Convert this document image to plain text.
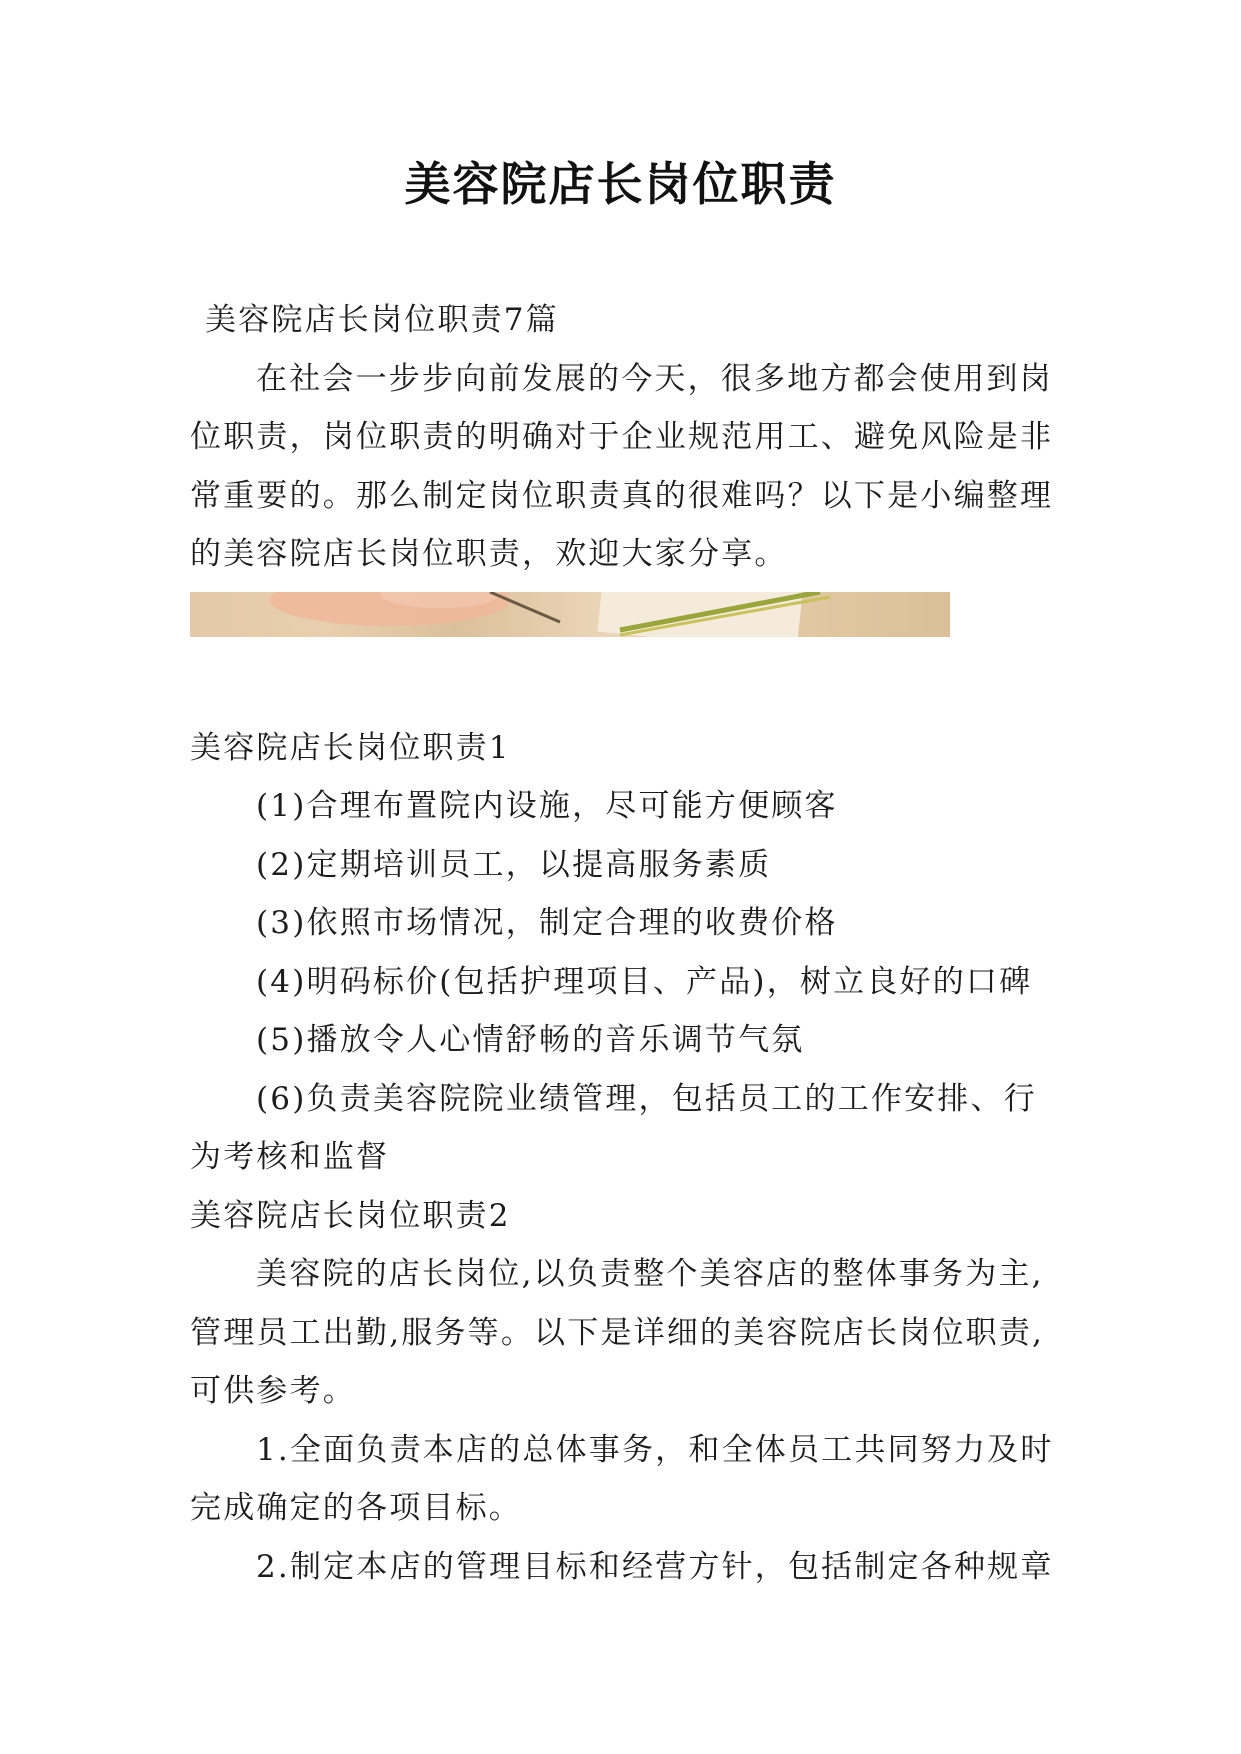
美容院店长岗位职责

美容院店长岗位职责7篇

在社会一步步向前发展的今天，很多地方都会使用到岗位职责，岗位职责的明确对于企业规范用工、避免风险是非常重要的。那么制定岗位职责真的很难吗？以下是小编整理的美容院店长岗位职责，欢迎大家分享。

美容院店长岗位职责1

(1)合理布置院内设施，尽可能方便顾客

(2)定期培训员工，以提高服务素质

(3)依照市场情况，制定合理的收费价格

(4)明码标价(包括护理项目、产品)，树立良好的口碑

(5)播放令人心情舒畅的音乐调节气氛

(6)负责美容院院业绩管理，包括员工的工作安排、行为考核和监督

美容院店长岗位职责2

美容院的店长岗位,以负责整个美容店的整体事务为主,管理员工出勤,服务等。以下是详细的美容院店长岗位职责,可供参考。

1.全面负责本店的总体事务，和全体员工共同努力及时完成确定的各项目标。

2.制定本店的管理目标和经营方针，包括制定各种规章
